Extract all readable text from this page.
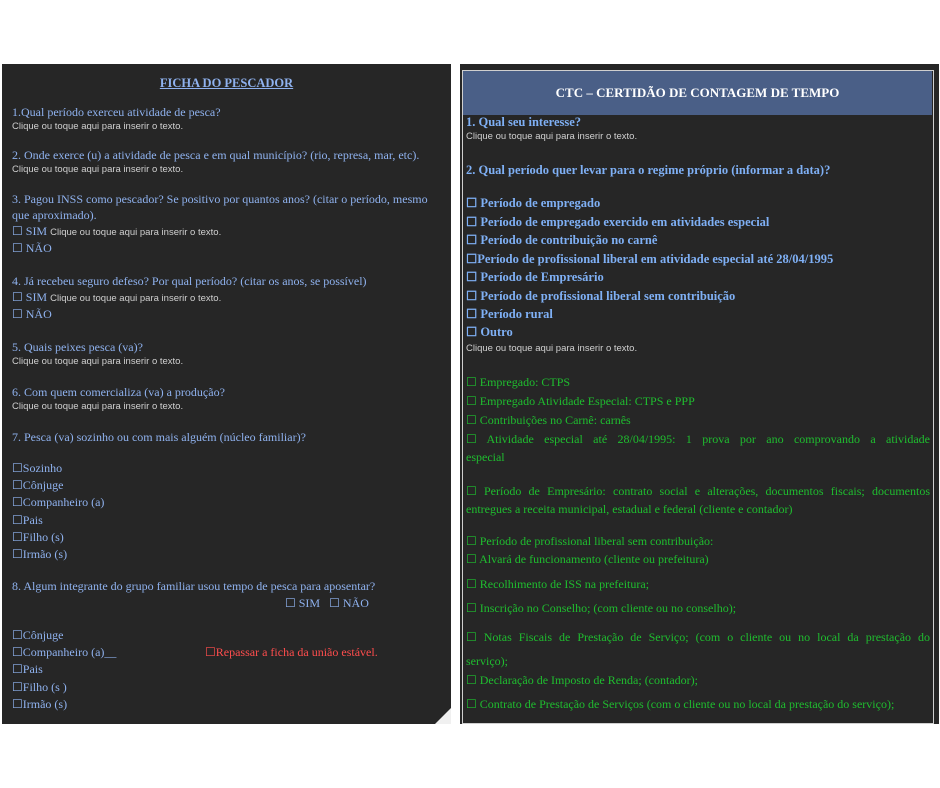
FICHA DO PESCADOR
1.Qual período exerceu atividade de pesca?
Clique ou toque aqui para inserir o texto.
2. Onde exerce (u) a atividade de pesca e em qual município? (rio, represa, mar, etc).
Clique ou toque aqui para inserir o texto.
3. Pagou INSS como pescador? Se positivo por quantos anos? (citar o período, mesmo
que aproximado).
☐ SIM Clique ou toque aqui para inserir o texto.
☐ NÃO
4. Já recebeu seguro defeso? Por qual período? (citar os anos, se possível)
☐ SIM Clique ou toque aqui para inserir o texto.
☐ NÃO
5. Quais peixes pesca (va)?
Clique ou toque aqui para inserir o texto.
6. Com quem comercializa (va) a produção?
Clique ou toque aqui para inserir o texto.
7. Pesca (va) sozinho ou com mais alguém (núcleo familiar)?
☐Sozinho
☐Cônjuge
☐Companheiro (a)
☐Pais
☐Filho (s)
☐Irmão (s)
8. Algum integrante do grupo familiar usou tempo de pesca para aposentar?
☐ SIM   ☐ NÃO
☐Cônjuge
☐Companheiro (a)__	☐Repassar a ficha da união estável.
☐Pais
☐Filho (s )
☐Irmão (s)
CTC – CERTIDÃO DE CONTAGEM DE TEMPO
1. Qual seu interesse?
Clique ou toque aqui para inserir o texto.
2. Qual período quer levar para o regime próprio (informar a data)?
☐ Período de empregado
☐ Período de empregado exercido em atividades especial
☐ Período de contribuição no carnê
☐Período de profissional liberal em atividade especial até 28/04/1995
☐ Período de Empresário
☐ Período de profissional liberal sem contribuição
☐ Período rural
☐ Outro
Clique ou toque aqui para inserir o texto.
☐ Empregado: CTPS
☐ Empregado Atividade Especial: CTPS e PPP
☐ Contribuições no Carnê: carnês
☐ Atividade especial até 28/04/1995: 1 prova por ano comprovando a atividade
especial
☐ Período de Empresário: contrato social e alterações, documentos fiscais; documentos
entregues a receita municipal, estadual e federal (cliente e contador)
☐ Período de profissional liberal sem contribuição:
☐ Alvará de funcionamento (cliente ou prefeitura)
☐ Recolhimento de ISS na prefeitura;
☐ Inscrição no Conselho; (com cliente ou no conselho);
☐ Notas Fiscais de Prestação de Serviço; (com o cliente ou no local da prestação do
serviço);
☐ Declaração de Imposto de Renda; (contador);
☐ Contrato de Prestação de Serviços (com o cliente ou no local da prestação do serviço);
